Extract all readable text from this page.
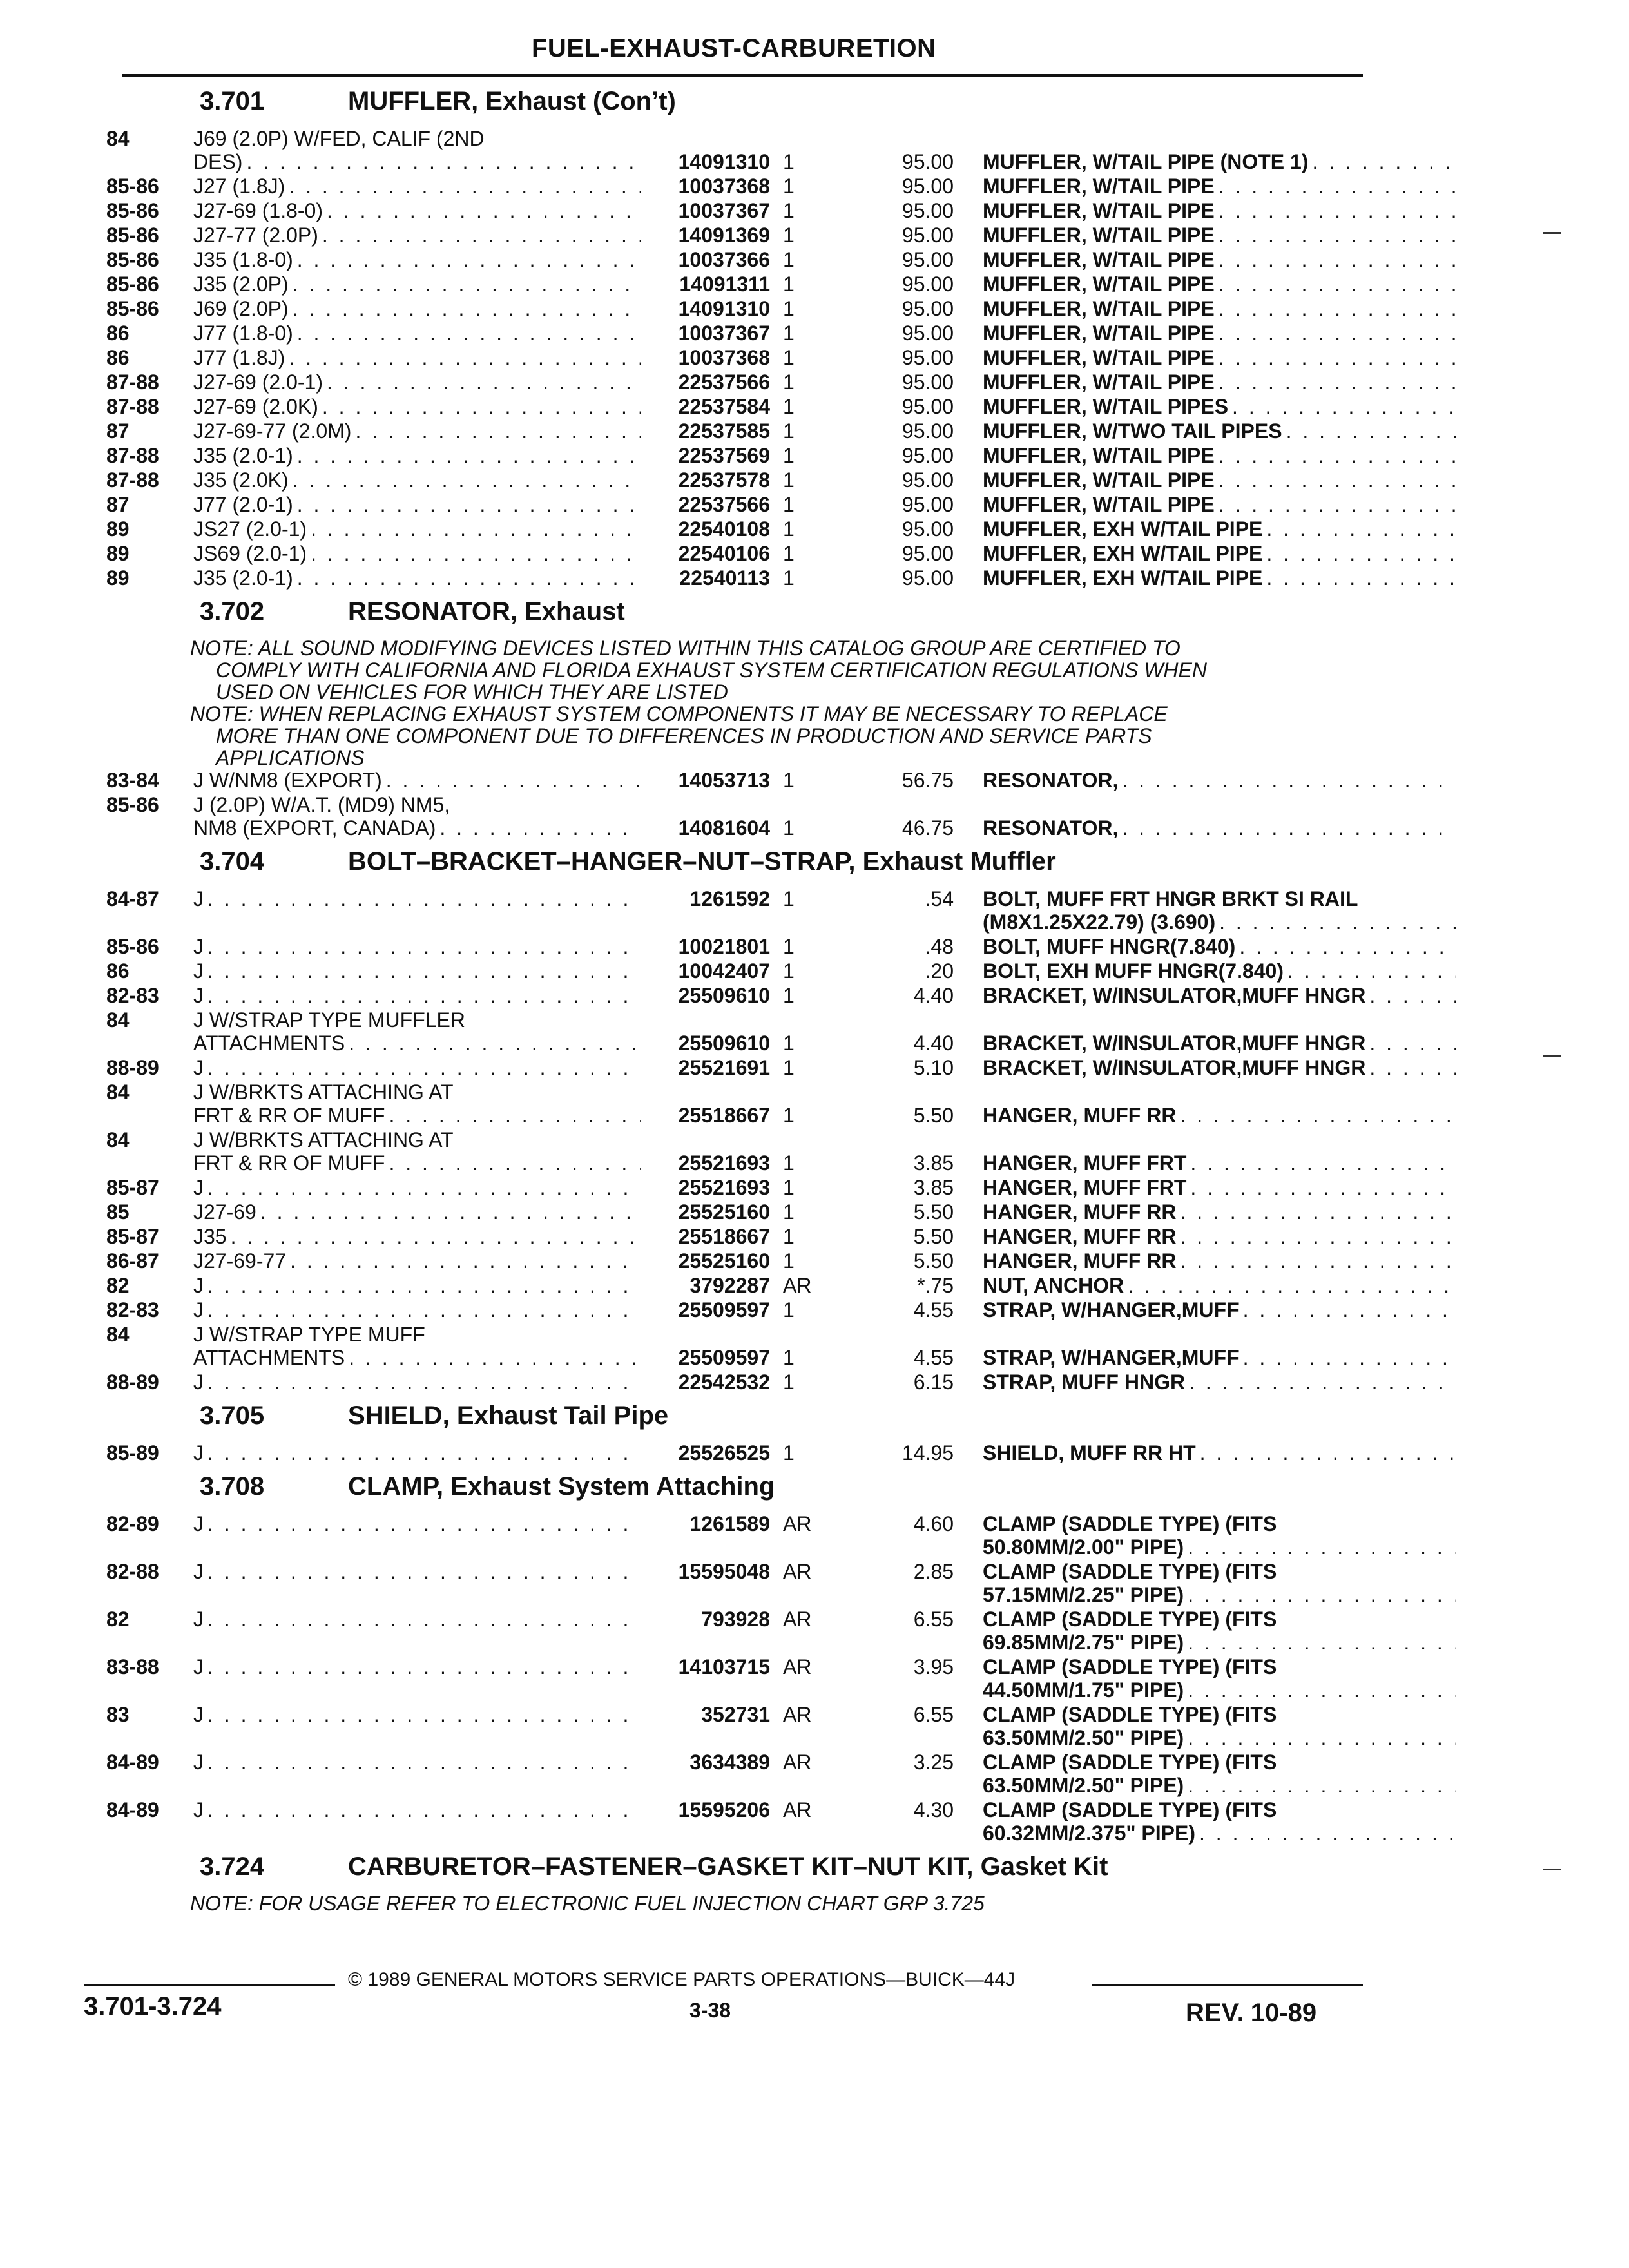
FUEL-EXHAUST-CARBURETION
3.701	MUFFLER, Exhaust (Con’t)
84	J69 (2.0P) W/FED, CALIF (2ND
DES) . . .	14091310 1	95.00 MUFFLER, W/TAIL PIPE (NOTE 1)
. . .
85-86	J27 (1.8J) . . .	10037368 1	95.00 MUFFLER, W/TAIL PIPE
. . .
85-86	J27-69 (1.8-0) . . .	10037367 1	95.00 MUFFLER, W/TAIL PIPE
. . .
85-86	J27-77 (2.0P) . . .	14091369 1	95.00 MUFFLER, W/TAIL PIPE
. . .
85-86	J35 (1.8-0) . . .	10037366 1	95.00 MUFFLER, W/TAIL PIPE
. . .
85-86	J35 (2.0P) . . .	14091311 1	95.00 MUFFLER, W/TAIL PIPE
. . .
85-86	J69 (2.0P) . . .	14091310 1	95.00 MUFFLER, W/TAIL PIPE
. . .
86	J77 (1.8-0) . . .	10037367 1	95.00 MUFFLER, W/TAIL PIPE
. . .
86	J77 (1.8J) . . .	10037368 1	95.00 MUFFLER, W/TAIL PIPE
. . .
87-88	J27-69 (2.0-1) . . .	22537566 1	95.00 MUFFLER, W/TAIL PIPE
. . .
87-88	J27-69 (2.0K) . . .	22537584 1	95.00 MUFFLER, W/TAIL PIPES
. . .
87	J27-69-77 (2.0M) . . .	22537585 1	95.00 MUFFLER, W/TWO TAIL PIPES
. . .
87-88	J35 (2.0-1) . . .	22537569 1	95.00 MUFFLER, W/TAIL PIPE
. . .
87-88	J35 (2.0K) . . .	22537578 1	95.00 MUFFLER, W/TAIL PIPE
. . .
87	J77 (2.0-1) . . .	22537566 1	95.00 MUFFLER, W/TAIL PIPE
. . .
89	JS27 (2.0-1) . . .	22540108 1	95.00 MUFFLER, EXH W/TAIL PIPE
. . .
89	JS69 (2.0-1) . . .	22540106 1	95.00 MUFFLER, EXH W/TAIL PIPE
. . .
89	J35 (2.0-1) . . .	22540113 1	95.00 MUFFLER, EXH W/TAIL PIPE
. . .
3.702	RESONATOR, Exhaust
NOTE: ALL SOUND MODIFYING DEVICES LISTED WITHIN THIS CATALOG GROUP ARE CERTIFIED TO
COMPLY WITH CALIFORNIA AND FLORIDA EXHAUST SYSTEM CERTIFICATION REGULATIONS WHEN
USED ON VEHICLES FOR WHICH THEY ARE LISTED
NOTE: WHEN REPLACING EXHAUST SYSTEM COMPONENTS IT MAY BE NECESSARY TO REPLACE
MORE THAN ONE COMPONENT DUE TO DIFFERENCES IN PRODUCTION AND SERVICE PARTS
APPLICATIONS
83-84	J W/NM8 (EXPORT) . . .	14053713 1	56.75 RESONATOR,
. . .
85-86	J (2.0P) W/A.T. (MD9) NM5,
NM8 (EXPORT, CANADA) . . .	14081604 1	46.75 RESONATOR,
. . .
3.704	BOLT–BRACKET–HANGER–NUT–STRAP, Exhaust Muffler
84-87	J . . .	1261592 1	.54 BOLT, MUFF FRT HNGR BRKT SI RAIL
(M8X1.25X22.79) (3.690)
. . .
85-86	J . . .	10021801 1	.48 BOLT, MUFF HNGR(7.840)
. . .
86	J . . .	10042407 1	.20 BOLT, EXH MUFF HNGR(7.840)
. . .
82-83	J . . .	25509610 1	4.40 BRACKET, W/INSULATOR,MUFF HNGR
. . .
84	J W/STRAP TYPE MUFFLER
ATTACHMENTS . . .	25509610 1	4.40 BRACKET, W/INSULATOR,MUFF HNGR
. . .
88-89	J . . .	25521691 1	5.10 BRACKET, W/INSULATOR,MUFF HNGR
. . .
84	J W/BRKTS ATTACHING AT
FRT & RR OF MUFF . . .	25518667 1	5.50 HANGER, MUFF RR
. . .
84	J W/BRKTS ATTACHING AT
FRT & RR OF MUFF . . .	25521693 1	3.85 HANGER, MUFF FRT
. . .
85-87	J . . .	25521693 1	3.85 HANGER, MUFF FRT
. . .
85	J27-69 . . .	25525160 1	5.50 HANGER, MUFF RR
. . .
85-87	J35 . . .	25518667 1	5.50 HANGER, MUFF RR
. . .
86-87	J27-69-77 . . .	25525160 1	5.50 HANGER, MUFF RR
. . .
82	J . . .	3792287 AR	*.75 NUT, ANCHOR
. . .
82-83	J . . .	25509597 1	4.55 STRAP, W/HANGER,MUFF
. . .
84	J W/STRAP TYPE MUFF
ATTACHMENTS . . .	25509597 1	4.55 STRAP, W/HANGER,MUFF
. . .
88-89	J . . .	22542532 1	6.15 STRAP, MUFF HNGR
. . .
3.705	SHIELD, Exhaust Tail Pipe
85-89	J . . .	25526525 1	14.95 SHIELD, MUFF RR HT
. . .
3.708	CLAMP, Exhaust System Attaching
82-89	J . . .	1261589 AR	4.60 CLAMP (SADDLE TYPE) (FITS
50.80MM/2.00" PIPE)
. . .
82-88	J . . .	15595048 AR	2.85 CLAMP (SADDLE TYPE) (FITS
57.15MM/2.25" PIPE)
. . .
82	J . . .	793928 AR	6.55 CLAMP (SADDLE TYPE) (FITS
69.85MM/2.75" PIPE)
. . .
83-88	J . . .	14103715 AR	3.95 CLAMP (SADDLE TYPE) (FITS
44.50MM/1.75" PIPE)
. . .
83	J . . .	352731 AR	6.55 CLAMP (SADDLE TYPE) (FITS
63.50MM/2.50" PIPE)
. . .
84-89	J . . .	3634389 AR	3.25 CLAMP (SADDLE TYPE) (FITS
63.50MM/2.50" PIPE)
. . .
84-89	J . . .	15595206 AR	4.30 CLAMP (SADDLE TYPE) (FITS
60.32MM/2.375" PIPE)
. . .
3.724	CARBURETOR–FASTENER–GASKET KIT–NUT KIT, Gasket Kit
NOTE: FOR USAGE REFER TO ELECTRONIC FUEL INJECTION CHART GRP 3.725
© 1989 GENERAL MOTORS SERVICE PARTS OPERATIONS—BUICK—44J
3.701-3.724	3-38	REV. 10-89
